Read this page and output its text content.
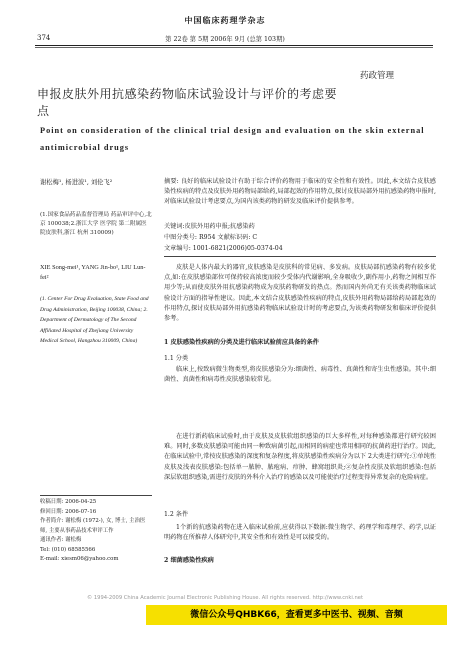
中国临床药理学杂志
374	第 22卷 第 5期 2006年 9月 (总第 103期)
药政管理
申报皮肤外用抗感染药物临床试验设计与评价的考虑要点
Point on consideration of the clinical trial design and evaluation on the skin external antimicrobial drugs
谢松梅¹, 杨进波¹, 刘伦飞²
(1.国家食品药品监督管理局 药品审评中心,北京 100038;2.浙江大学 医学院 第二附属医院皮肤科,浙江 杭州 310009)
XIE Song-mei¹, YANG Jin-bo¹, LIU Lun-fei²
(1. Center For Drug Evaluation, State Food and Drug Administration, Beijing 100038, China; 2. Department of Dermatology of The Second Affiliated Hospital of Zhejiang University Medical School, Hangzhou 310009, China)
收稿日期: 2006-04-25
修回日期: 2006-07-16
作者简介: 谢松梅 (1972-), 女, 博士, 主治医师, 主要从事药品技术审评工作
通讯作者: 谢松梅
Tel: (010) 68585566
E-mail: xiesm06@yahoo.com
摘要: 良好的临床试验设计有助于综合评价药物用于临床的安全性和有效性。因此,本文结合皮肤感染性疾病的特点及皮肤外用药物局部给药,局部起效的作用特点,探讨皮肤局部外用抗感染药物申报时,对临床试验设计考虑要点,为国内该类药物的研发及临床评价提供参考。
关键词:皮肤外用药申报;抗感染药
中图分类号: R954 文献标识码: C
文章编号: 1001-6821(2006)05-0374-04

皮肤是人体内最大的器官,皮肤感染是皮肤科的常见病、多发病。皮肤局部抗感染药物有较多优点,如:在皮肤感染部位可保持较高浓度而较少受体内代谢影响,全身吸收少,副作用小,药物之间相互作用少等;从而使皮肤外用抗感染药物成为皮肤药物研发的热点。然而国内外尚无有关该类药物临床试验设计方面的指导性建议。因此,本文结合皮肤感染性疾病的特点,皮肤外用药物局部给药局部起效的作用特点,探讨皮肤局部外用抗感染药物临床试验设计时的考虑要点,为该类药物研发和临床评价提供参考。

1 皮肤感染性疾病的分类及进行临床试验前应具备的条件
1.1 分类

临床上,按致病微生物类型,将皮肤感染分为:细菌性、病毒性、真菌性和寄生虫性感染。其中:细菌性、真菌性和病毒性皮肤感染较常见。

在进行新药临床试验时,由于皮肤及皮肤软组织感染的巨大多样性,对每种感染都进行研究较困难。同时,多数皮肤感染可能由同一种致病菌引起,而相同的病症也常用相同的抗菌药进行治疗。因此,在临床试验中,常按皮肤感染的深度和复杂程度,将皮肤感染性疾病分为以下 2大类进行研究:①单纯性皮肤及浅表皮肤感染:包括单一脓肿、脓疱病、疖肿、蜂窝组织炎;②复杂性皮肤及软组织感染:包括深层软组织感染,需进行皮肤的外科介入治疗的感染以及可能使治疗过程变得异常复杂的危险病症。

1.2 条件

1个新的抗感染药物在进入临床试验前,应获得以下数据:微生物学、药理学和毒理学、药学,以证明药物在所推荐人体研究中,其安全性和有效性是可以接受的。

2 细菌感染性疾病
© 1994-2009 China Academic Journal Electronic Publishing House. All rights reserved. http://www.cnki.net
微信公众号QHBK66，查看更多中医书、视频、音频
